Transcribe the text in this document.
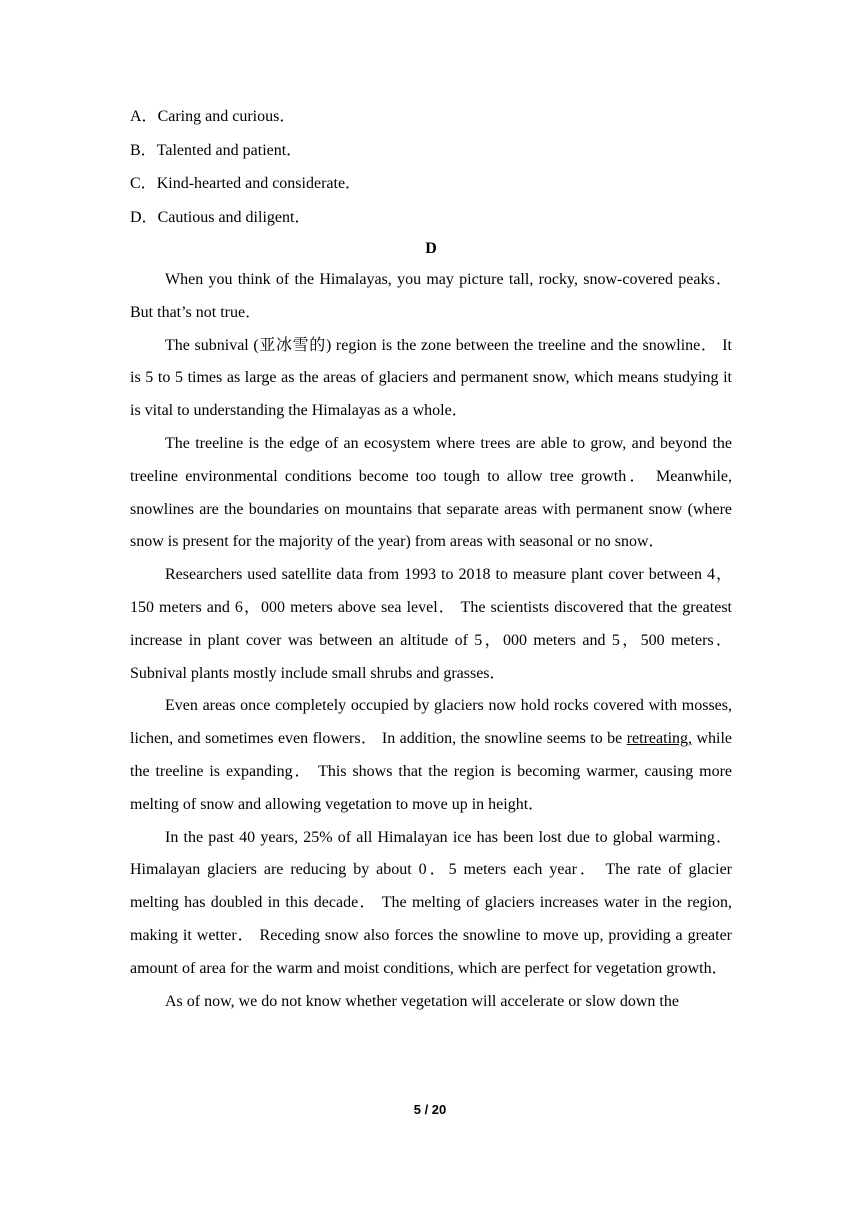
A．Caring and curious．
B．Talented and patient．
C．Kind-hearted and considerate．
D．Cautious and diligent．
D

When you think of the Himalayas, you may picture tall, rocky, snow-covered peaks． But that’s not true．

The subnival (亚冰雪的) region is the zone between the treeline and the snowline． It is 5 to 5 times as large as the areas of glaciers and permanent snow, which means studying it is vital to understanding the Himalayas as a whole．

The treeline is the edge of an ecosystem where trees are able to grow, and beyond the treeline environmental conditions become too tough to allow tree growth． Meanwhile, snowlines are the boundaries on mountains that separate areas with permanent snow (where snow is present for the majority of the year) from areas with seasonal or no snow．

Researchers used satellite data from 1993 to 2018 to measure plant cover between 4，150 meters and 6，000 meters above sea level． The scientists discovered that the greatest increase in plant cover was between an altitude of 5，000 meters and 5，500 meters． Subnival plants mostly include small shrubs and grasses．

Even areas once completely occupied by glaciers now hold rocks covered with mosses, lichen, and sometimes even flowers． In addition, the snowline seems to be retreating, while the treeline is expanding． This shows that the region is becoming warmer, causing more melting of snow and allowing vegetation to move up in height．

In the past 40 years, 25% of all Himalayan ice has been lost due to global warming． Himalayan glaciers are reducing by about 0．5 meters each year． The rate of glacier melting has doubled in this decade． The melting of glaciers increases water in the region, making it wetter． Receding snow also forces the snowline to move up, providing a greater amount of area for the warm and moist conditions, which are perfect for vegetation growth．

As of now, we do not know whether vegetation will accelerate or slow down the

5 / 20
